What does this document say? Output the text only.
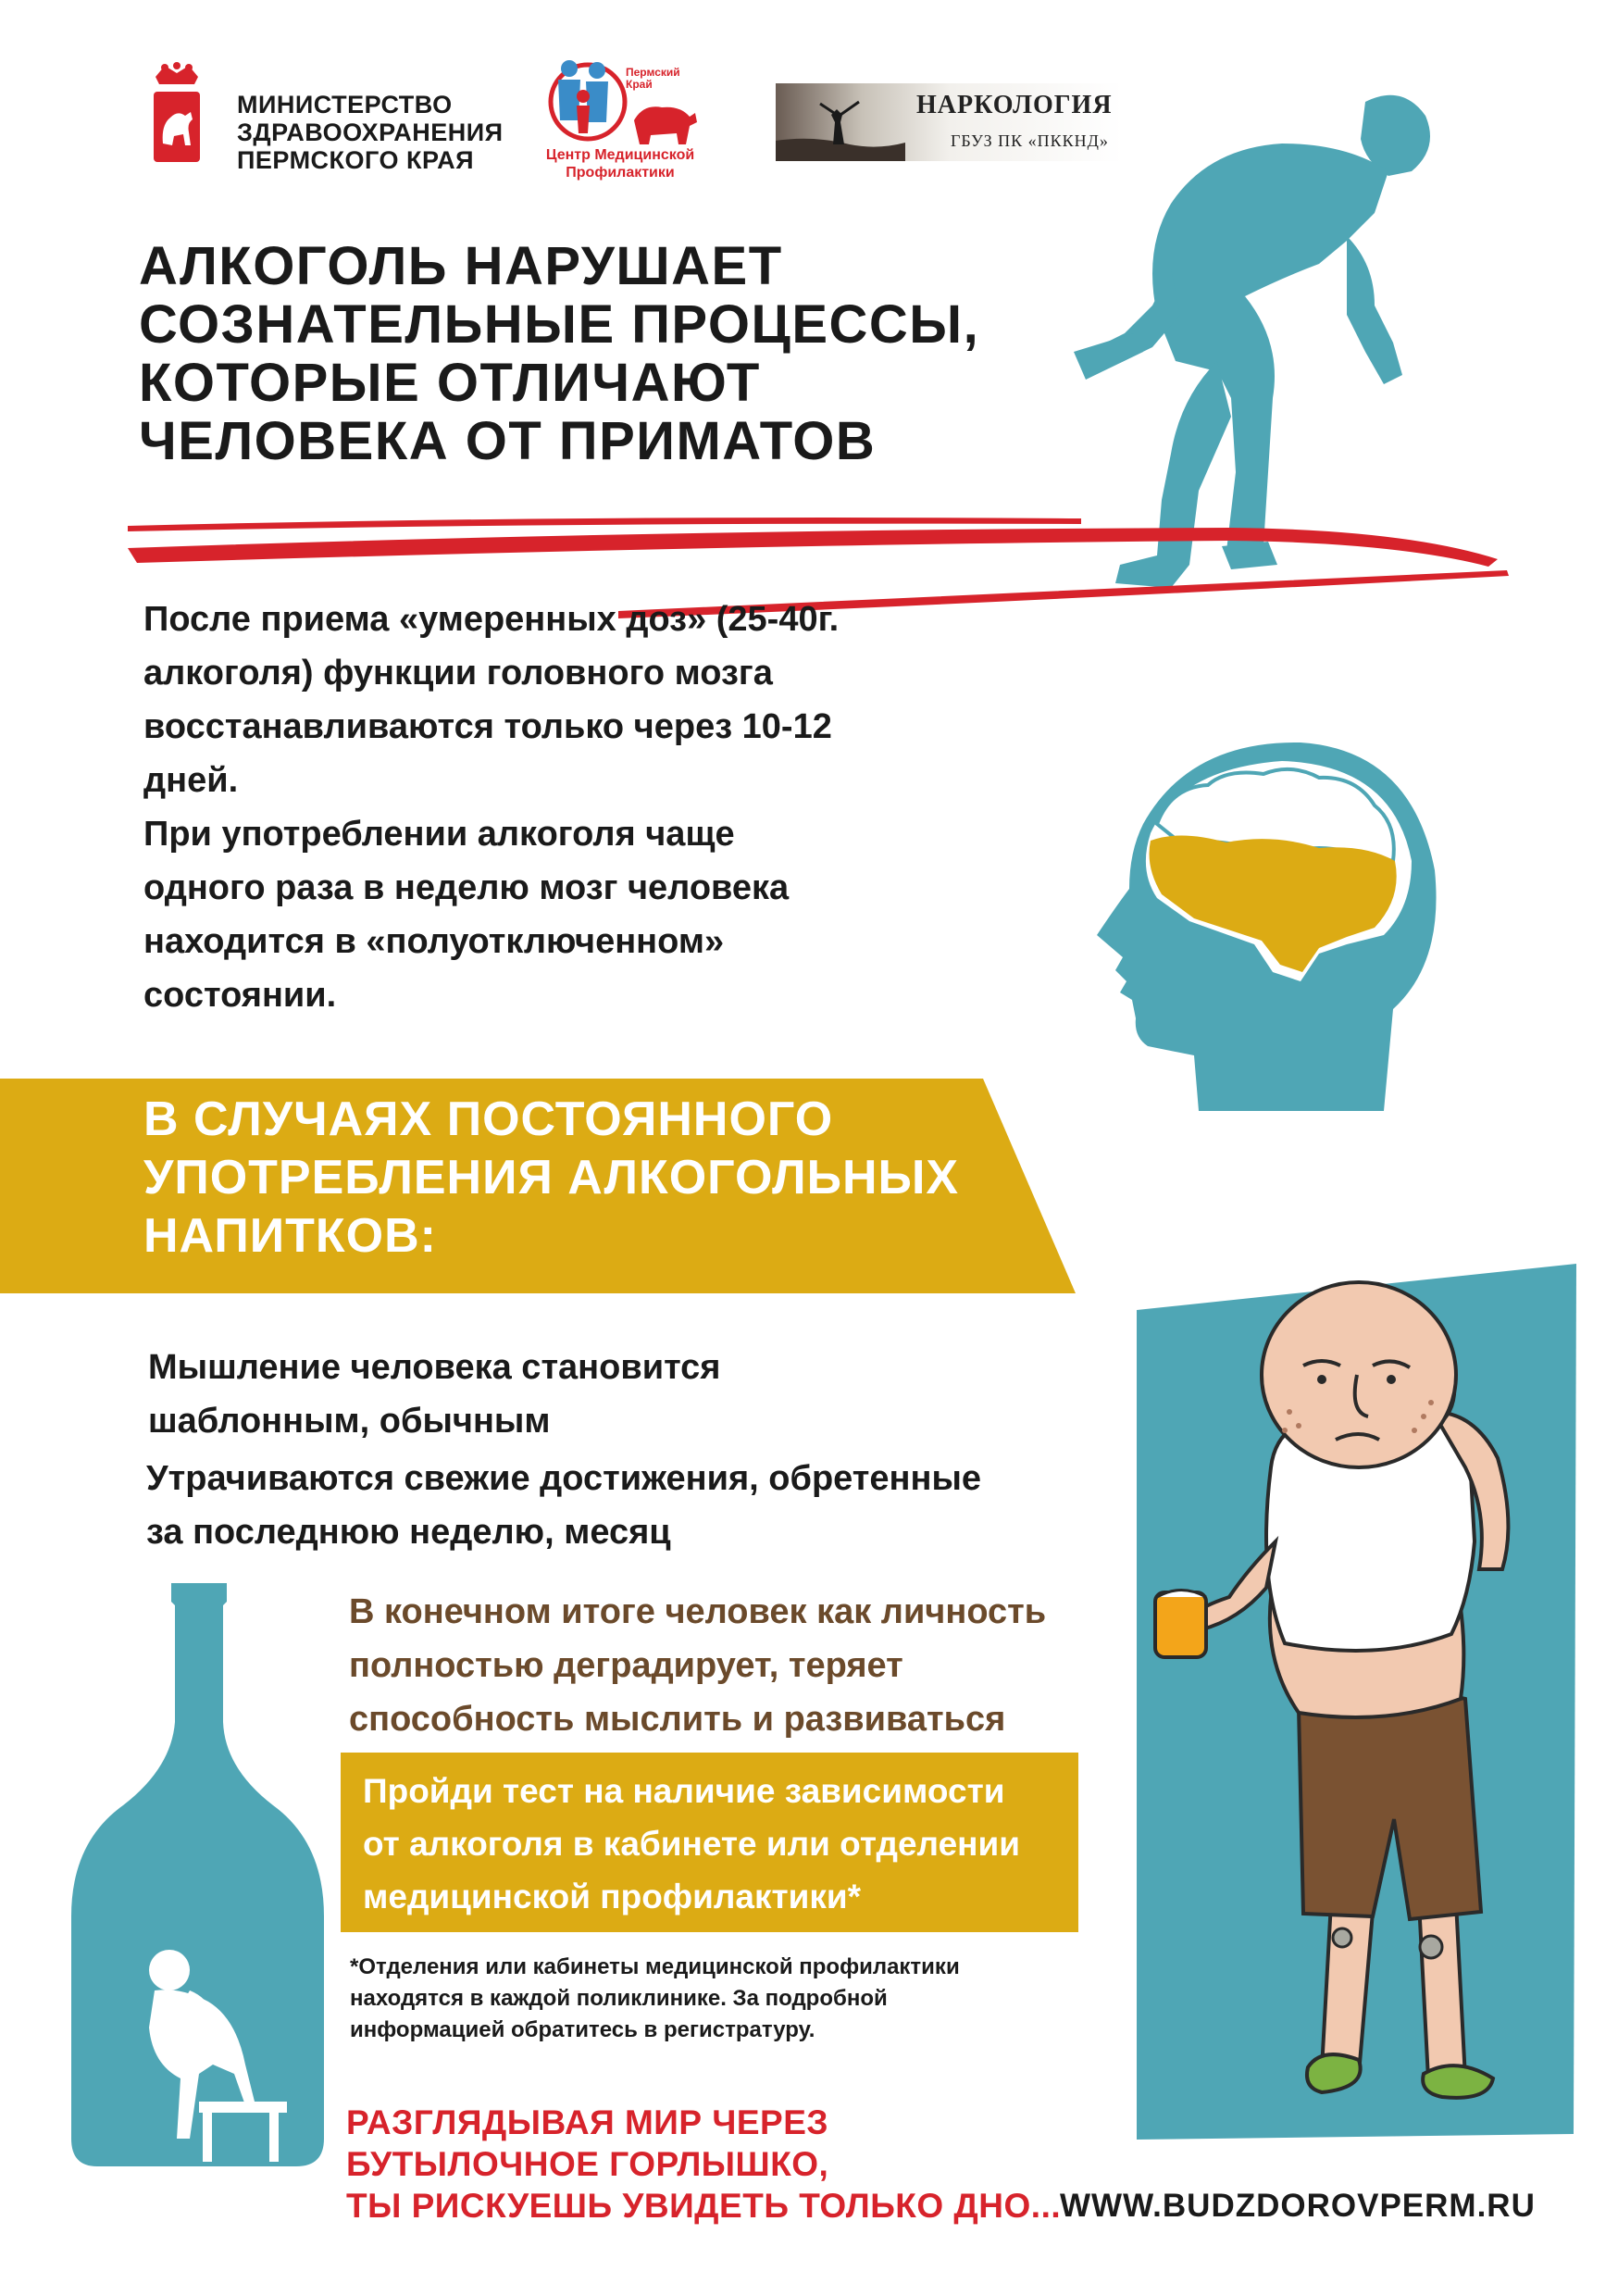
МИНИСТЕРСТВО
ЗДРАВООХРАНЕНИЯ
ПЕРМСКОГО КРАЯ
Пермский Край
Центр Медицинской
Профилактики
НАРКОЛОГИЯ
ГБУЗ ПК «ПККНД»
АЛКОГОЛЬ НАРУШАЕТ
СОЗНАТЕЛЬНЫЕ ПРОЦЕССЫ,
КОТОРЫЕ ОТЛИЧАЮТ
ЧЕЛОВЕКА ОТ ПРИМАТОВ

После приема «умеренных доз» (25-40г.
алкоголя) функции головного мозга
восстанавливаются только через 10-12
дней.

При употреблении алкоголя чаще
одного раза в неделю мозг человека
находится в «полуотключенном»
состоянии.

В СЛУЧАЯХ ПОСТОЯННОГО
УПОТРЕБЛЕНИЯ АЛКОГОЛЬНЫХ
НАПИТКОВ:

Мышление человека становится
шаблонным, обычным

Утрачиваются свежие достижения, обретенные
за последнюю неделю, месяц

В конечном итоге человек как личность
полностью деградирует, теряет
способность мыслить и развиваться
Пройди тест на наличие зависимости
от алкоголя в кабинете или отделении
медицинской профилактики*
*Отделения или кабинеты медицинской профилактики
находятся в каждой поликлинике. За подробной
информацией обратитесь в регистратуру.
РАЗГЛЯДЫВАЯ МИР ЧЕРЕЗ
БУТЫЛОЧНОЕ ГОРЛЫШКО,
ТЫ РИСКУЕШЬ УВИДЕТЬ ТОЛЬКО ДНО...
WWW.BUDZDOROVPERM.RU
